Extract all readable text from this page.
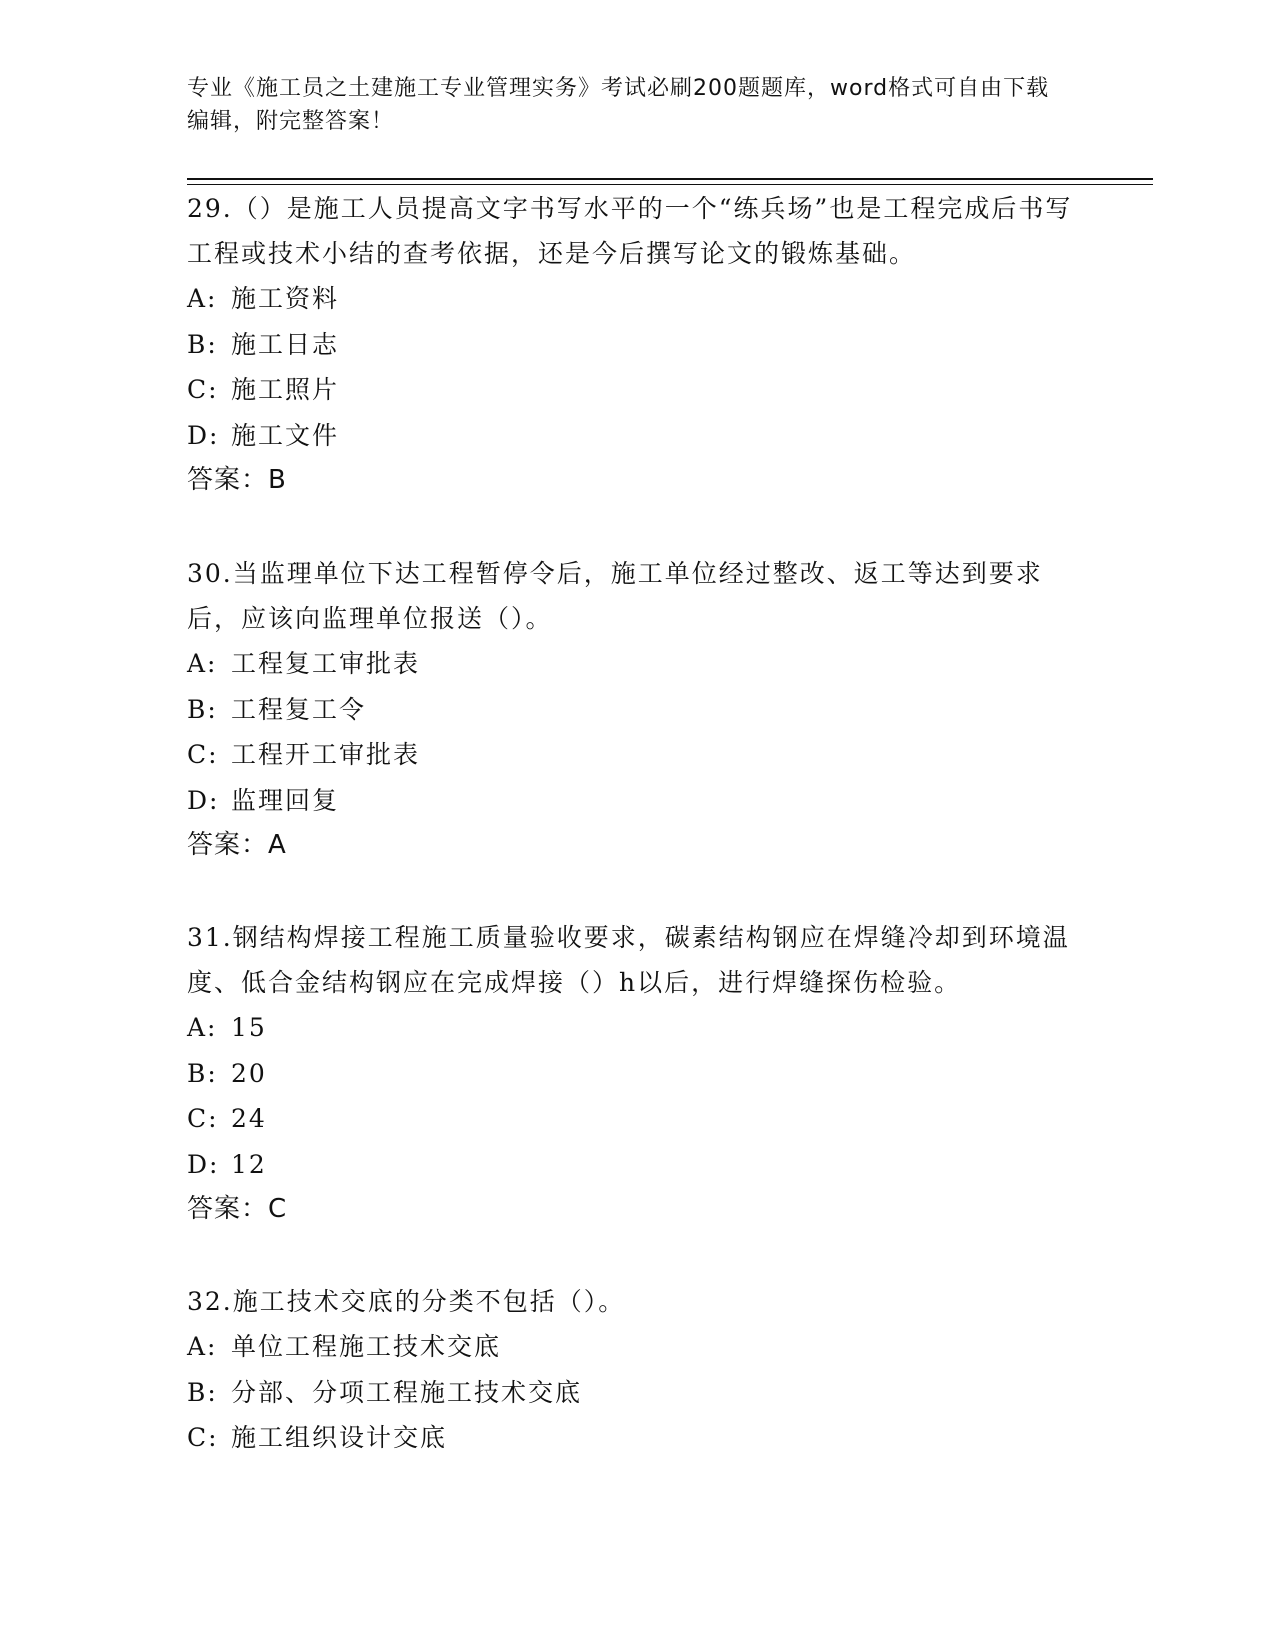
专业《施工员之土建施工专业管理实务》考试必刷200题题库，word格式可自由下载编辑，附完整答案！

29.（）是施工人员提高文字书写水平的一个“练兵场”也是工程完成后书写工程或技术小结的查考依据，还是今后撰写论文的锻炼基础。

A: 施工资料

B: 施工日志

C: 施工照片

D: 施工文件

答案：B

30.当监理单位下达工程暂停令后，施工单位经过整改、返工等达到要求后，应该向监理单位报送（）。

A: 工程复工审批表

B: 工程复工令

C: 工程开工审批表

D: 监理回复

答案：A

31.钢结构焊接工程施工质量验收要求，碳素结构钢应在焊缝冷却到环境温度、低合金结构钢应在完成焊接（）h以后，进行焊缝探伤检验。

A: 15

B: 20

C: 24

D: 12

答案：C

32.施工技术交底的分类不包括（）。

A: 单位工程施工技术交底

B: 分部、分项工程施工技术交底

C: 施工组织设计交底
